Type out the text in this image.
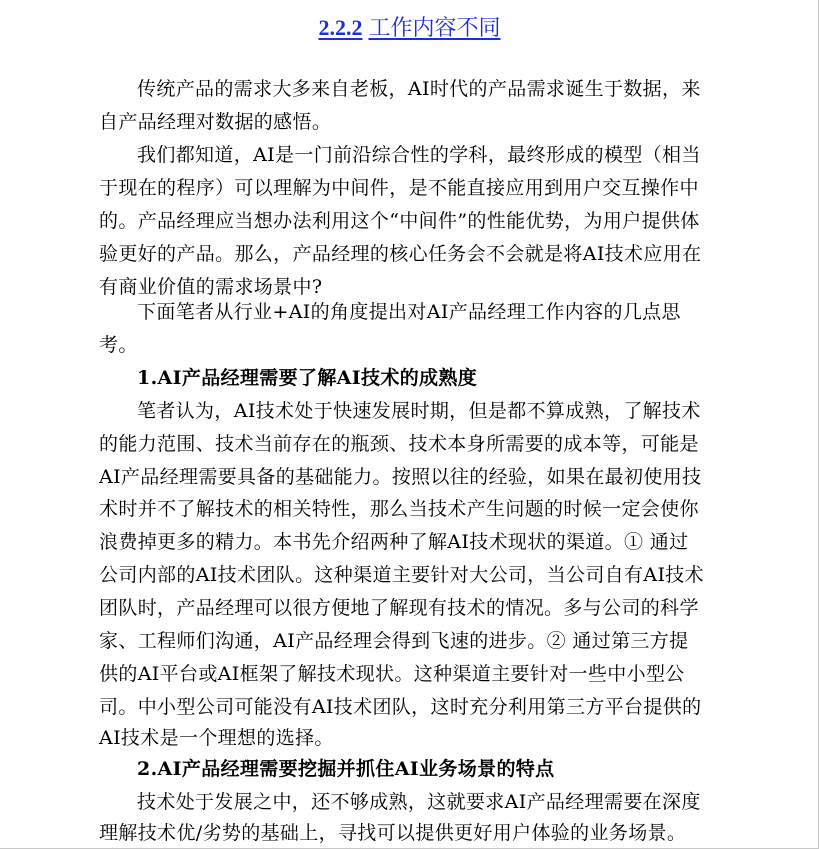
2.2.2 工作内容不同
传统产品的需求大多来自老板，AI时代的产品需求诞生于数据，来
自产品经理对数据的感悟。
我们都知道，AI是一门前沿综合性的学科，最终形成的模型（相当
于现在的程序）可以理解为中间件，是不能直接应用到用户交互操作中
的。产品经理应当想办法利用这个“中间件”的性能优势，为用户提供体
验更好的产品。那么，产品经理的核心任务会不会就是将AI技术应用在
有商业价值的需求场景中?
下面笔者从行业+AI的角度提出对AI产品经理工作内容的几点思
考。
1.AI产品经理需要了解AI技术的成熟度
笔者认为，AI技术处于快速发展时期，但是都不算成熟，了解技术
的能力范围、技术当前存在的瓶颈、技术本身所需要的成本等，可能是
AI产品经理需要具备的基础能力。按照以往的经验，如果在最初使用技
术时并不了解技术的相关特性，那么当技术产生问题的时候一定会使你
浪费掉更多的精力。本书先介绍两种了解AI技术现状的渠道。① 通过
公司内部的AI技术团队。这种渠道主要针对大公司，当公司自有AI技术
团队时，产品经理可以很方便地了解现有技术的情况。多与公司的科学
家、工程师们沟通，AI产品经理会得到飞速的进步。② 通过第三方提
供的AI平台或AI框架了解技术现状。这种渠道主要针对一些中小型公
司。中小型公司可能没有AI技术团队，这时充分利用第三方平台提供的
AI技术是一个理想的选择。
2.AI产品经理需要挖掘并抓住AI业务场景的特点
技术处于发展之中，还不够成熟，这就要求AI产品经理需要在深度
理解技术优/劣势的基础上，寻找可以提供更好用户体验的业务场景。
